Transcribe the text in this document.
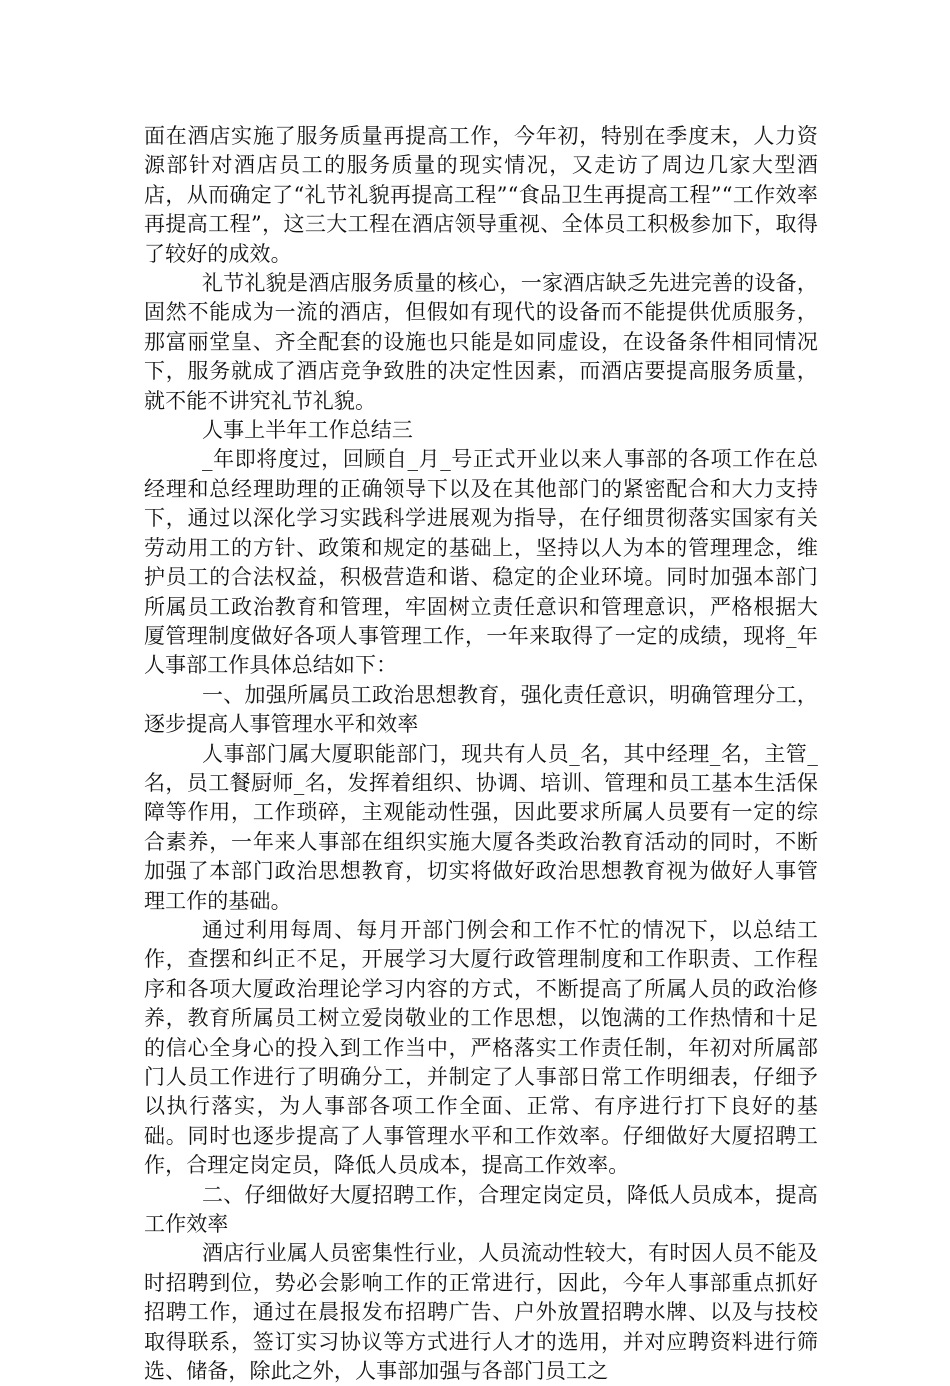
面在酒店实施了服务质量再提高工作，今年初，特别在季度末，人力资源部针对酒店员工的服务质量的现实情况，又走访了周边几家大型酒店，从而确定了“礼节礼貌再提高工程”“食品卫生再提高工程”“工作效率再提高工程”，这三大工程在酒店领导重视、全体员工积极参加下，取得了较好的成效。

礼节礼貌是酒店服务质量的核心，一家酒店缺乏先进完善的设备，固然不能成为一流的酒店，但假如有现代的设备而不能提供优质服务，那富丽堂皇、齐全配套的设施也只能是如同虚设，在设备条件相同情况下，服务就成了酒店竞争致胜的决定性因素，而酒店要提高服务质量，就不能不讲究礼节礼貌。

人事上半年工作总结三

_年即将度过，回顾自_月_号正式开业以来人事部的各项工作在总经理和总经理助理的正确领导下以及在其他部门的紧密配合和大力支持下，通过以深化学习实践科学进展观为指导，在仔细贯彻落实国家有关劳动用工的方针、政策和规定的基础上，坚持以人为本的管理理念，维护员工的合法权益，积极营造和谐、稳定的企业环境。同时加强本部门所属员工政治教育和管理，牢固树立责任意识和管理意识，严格根据大厦管理制度做好各项人事管理工作，一年来取得了一定的成绩，现将_年人事部工作具体总结如下：

一、加强所属员工政治思想教育，强化责任意识，明确管理分工，逐步提高人事管理水平和效率

人事部门属大厦职能部门，现共有人员_名，其中经理_名，主管_名，员工餐厨师_名，发挥着组织、协调、培训、管理和员工基本生活保障等作用，工作琐碎，主观能动性强，因此要求所属人员要有一定的综合素养，一年来人事部在组织实施大厦各类政治教育活动的同时，不断加强了本部门政治思想教育，切实将做好政治思想教育视为做好人事管理工作的基础。

通过利用每周、每月开部门例会和工作不忙的情况下，以总结工作，查摆和纠正不足，开展学习大厦行政管理制度和工作职责、工作程序和各项大厦政治理论学习内容的方式，不断提高了所属人员的政治修养，教育所属员工树立爱岗敬业的工作思想，以饱满的工作热情和十足的信心全身心的投入到工作当中，严格落实工作责任制，年初对所属部门人员工作进行了明确分工，并制定了人事部日常工作明细表，仔细予以执行落实，为人事部各项工作全面、正常、有序进行打下良好的基础。同时也逐步提高了人事管理水平和工作效率。仔细做好大厦招聘工作，合理定岗定员，降低人员成本，提高工作效率。

二、仔细做好大厦招聘工作，合理定岗定员，降低人员成本，提高工作效率

酒店行业属人员密集性行业，人员流动性较大，有时因人员不能及时招聘到位，势必会影响工作的正常进行，因此，今年人事部重点抓好招聘工作，通过在晨报发布招聘广告、户外放置招聘水牌、以及与技校取得联系，签订实习协议等方式进行人才的选用，并对应聘资料进行筛选、储备，除此之外，人事部加强与各部门员工之
